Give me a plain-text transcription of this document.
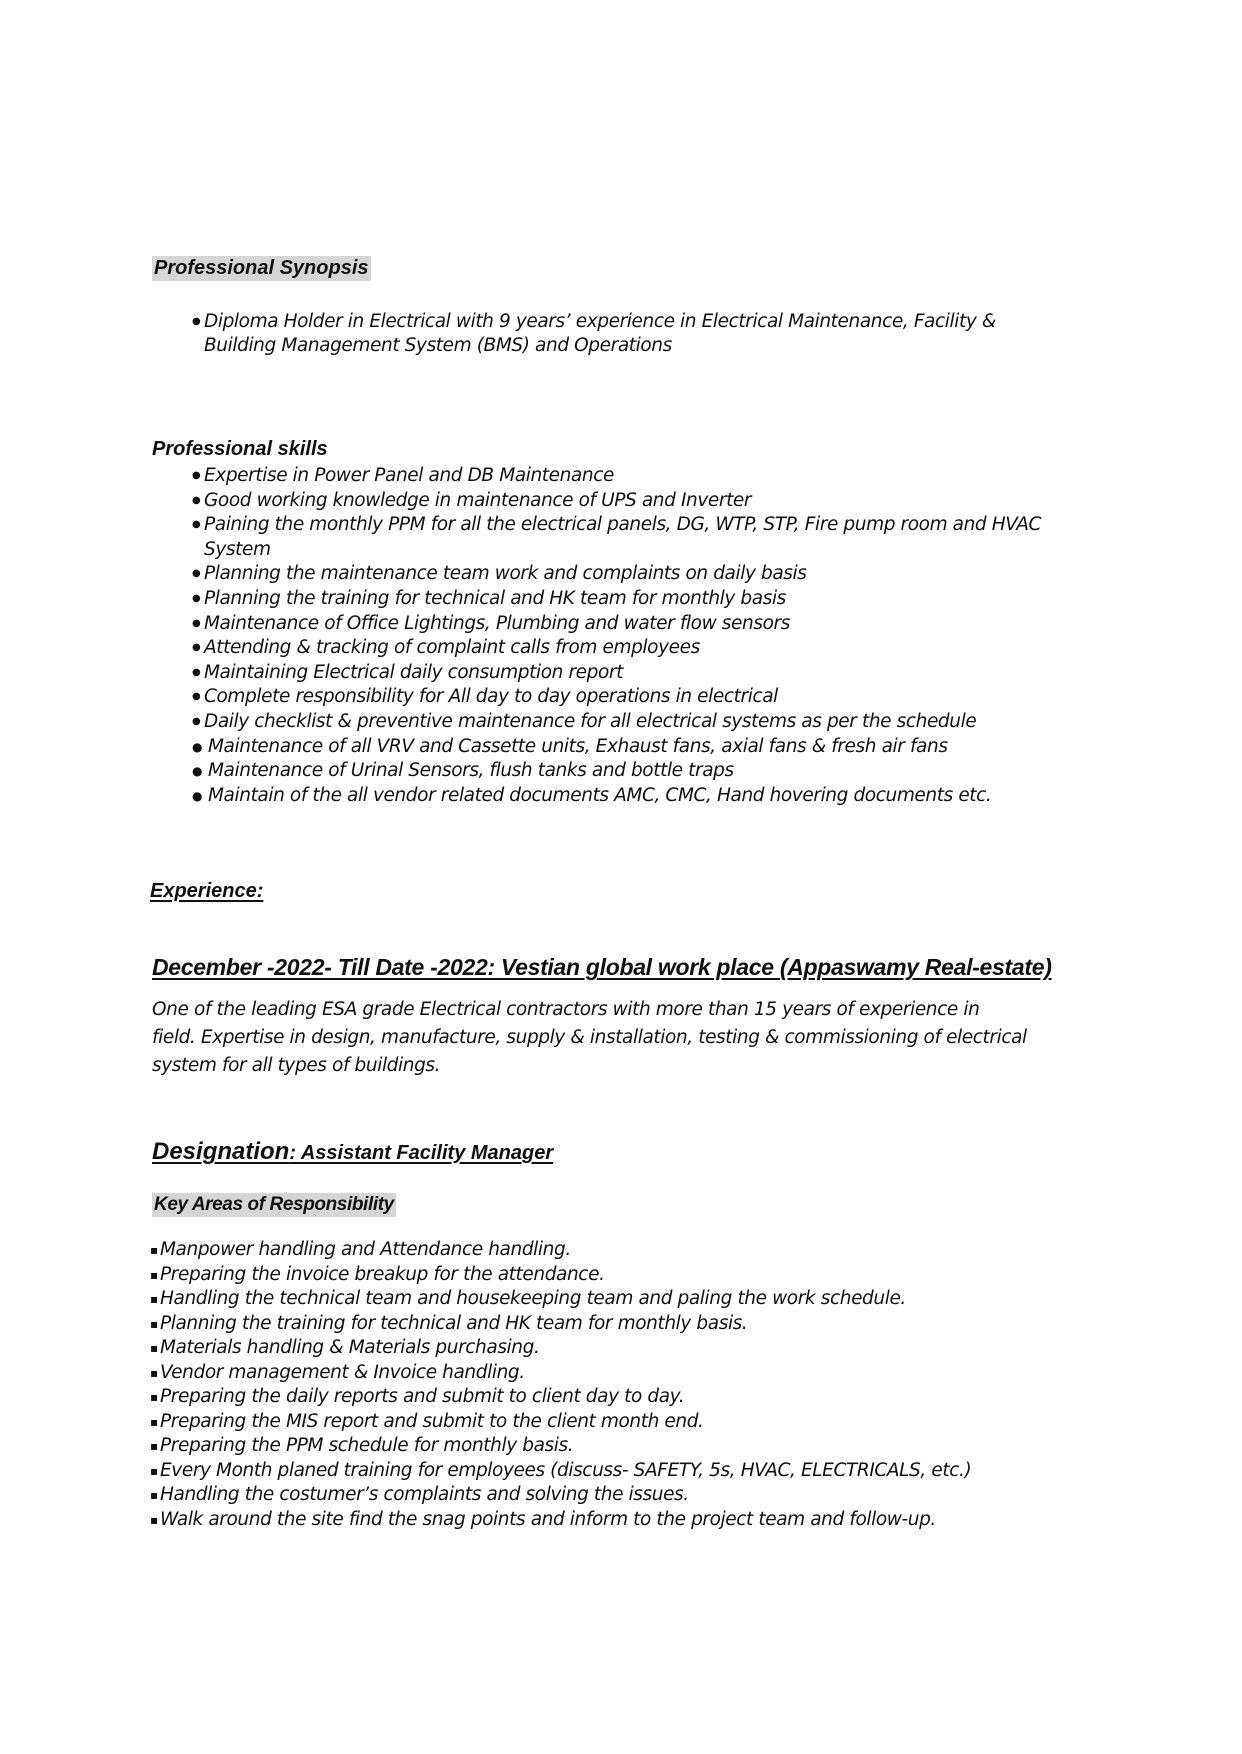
Professional Synopsis
● Diploma Holder in Electrical with 9 years’ experience in Electrical Maintenance, Facility &
Building Management System (BMS) and Operations
Professional skills
● Expertise in Power Panel and DB Maintenance
● Good working knowledge in maintenance of UPS and Inverter
● Paining the monthly PPM for all the electrical panels, DG, WTP, STP, Fire pump room and HVAC
System
● Planning the maintenance team work and complaints on daily basis
● Planning the training for technical and HK team for monthly basis
● Maintenance of Office Lightings, Plumbing and water flow sensors
● Attending & tracking of complaint calls from employees
● Maintaining Electrical daily consumption report
● Complete responsibility for All day to day operations in electrical
● Daily checklist & preventive maintenance for all electrical systems as per the schedule
● Maintenance of all VRV and Cassette units, Exhaust fans, axial fans & fresh air fans
● Maintenance of Urinal Sensors, flush tanks and bottle traps
● Maintain of the all vendor related documents AMC, CMC, Hand hovering documents etc.
Experience:
December -2022- Till Date -2022: Vestian global work place (Appaswamy Real-estate)
One of the leading ESA grade Electrical contractors with more than 15 years of experience in
field. Expertise in design, manufacture, supply & installation, testing & commissioning of electrical
system for all types of buildings.
Designation: Assistant Facility Manager
Key Areas of Responsibility
▪ Manpower handling and Attendance handling.
▪ Preparing the invoice breakup for the attendance.
▪ Handling the technical team and housekeeping team and paling the work schedule.
▪ Planning the training for technical and HK team for monthly basis.
▪ Materials handling & Materials purchasing.
▪ Vendor management & Invoice handling.
▪ Preparing the daily reports and submit to client day to day.
▪ Preparing the MIS report and submit to the client month end.
▪ Preparing the PPM schedule for monthly basis.
▪ Every Month planed training for employees (discuss- SAFETY, 5s, HVAC, ELECTRICALS, etc.)
▪ Handling the costumer’s complaints and solving the issues.
▪ Walk around the site find the snag points and inform to the project team and follow-up.
